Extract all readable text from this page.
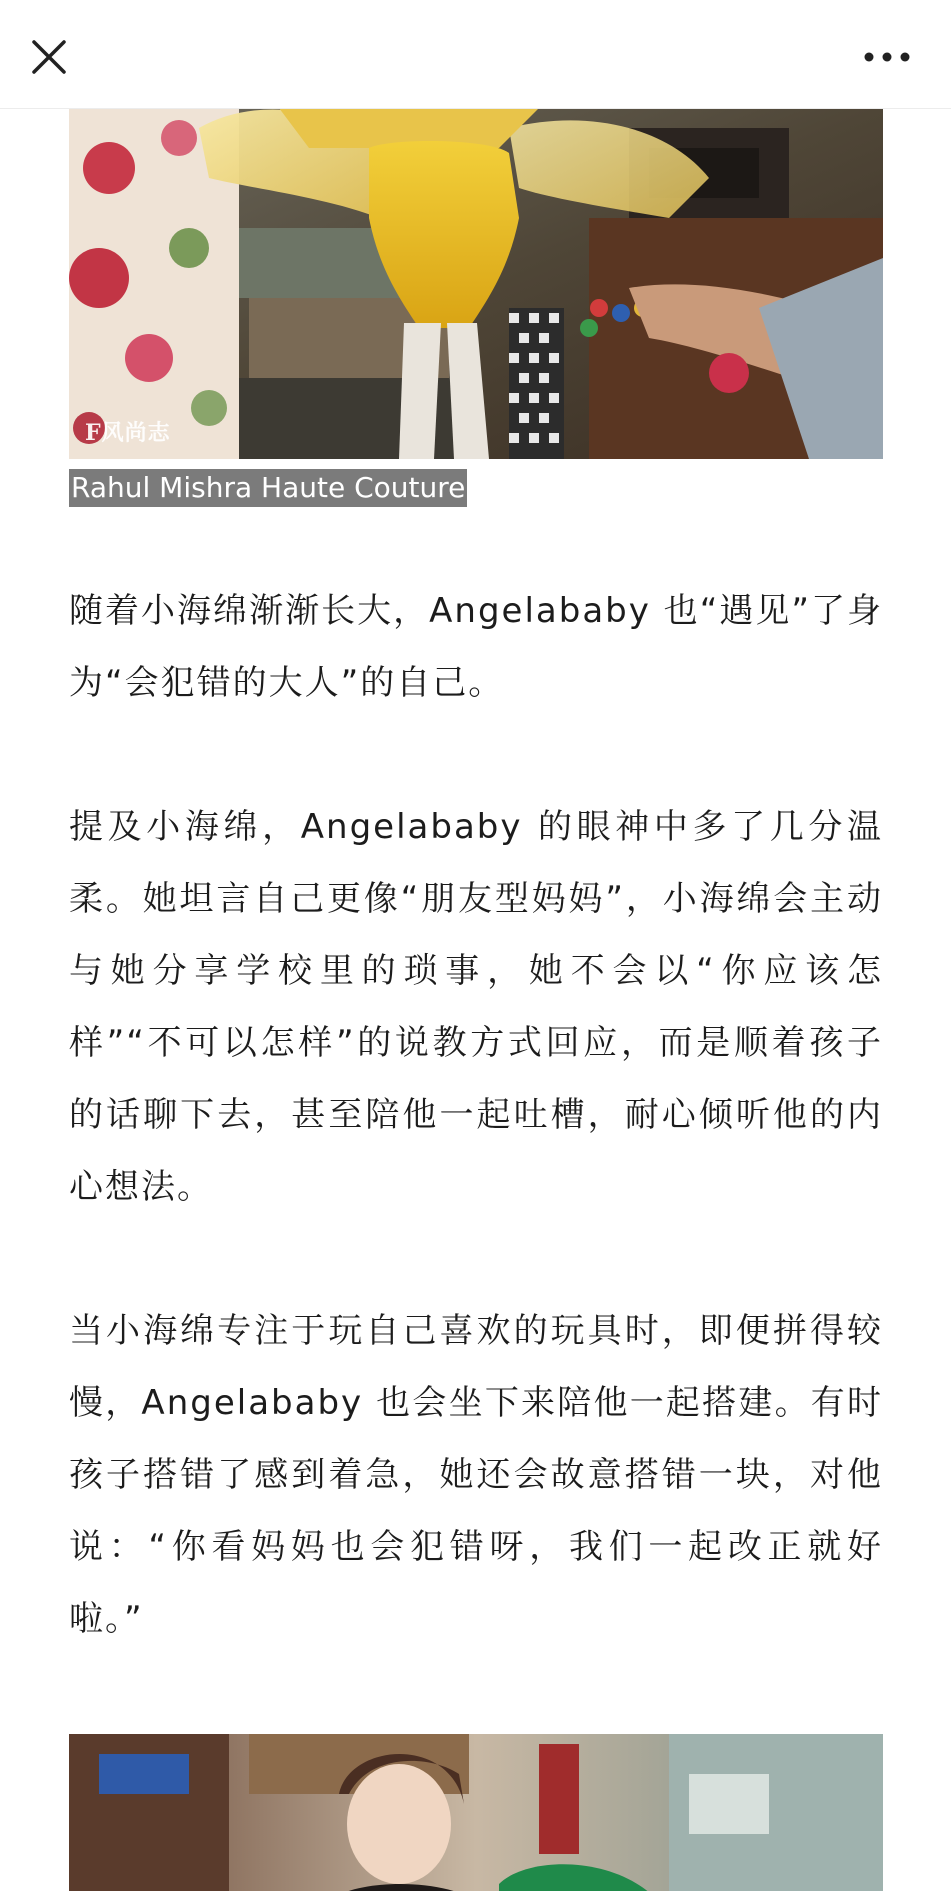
F风尚志
Rahul Mishra Haute Couture

随着小海绵渐渐长大，Angelababy 也“遇见”了身为“会犯错的大人”的自己。

提及小海绵，Angelababy 的眼神中多了几分温柔。她坦言自己更像“朋友型妈妈”，小海绵会主动与她分享学校里的琐事，她不会以“你应该怎样”“不可以怎样”的说教方式回应，而是顺着孩子的话聊下去，甚至陪他一起吐槽，耐心倾听他的内心想法。

当小海绵专注于玩自己喜欢的玩具时，即便拼得较慢，Angelababy 也会坐下来陪他一起搭建。有时孩子搭错了感到着急，她还会故意搭错一块，对他说：“你看妈妈也会犯错呀，我们一起改正就好啦。”
